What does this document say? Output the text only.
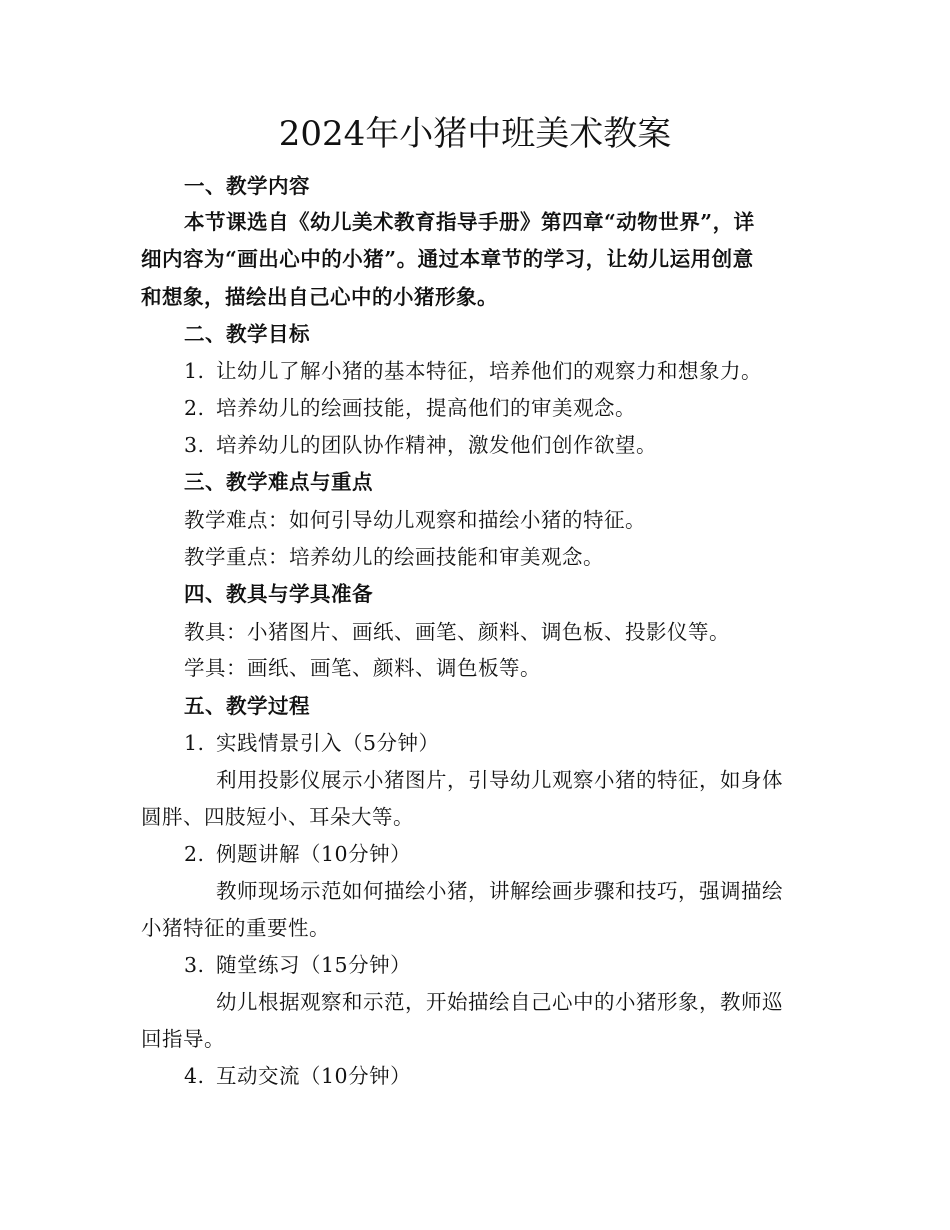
2024年小猪中班美术教案
一、教学内容
本节课选自《幼儿美术教育指导手册》第四章“动物世界”，详
细内容为“画出心中的小猪”。通过本章节的学习，让幼儿运用创意
和想象，描绘出自己心中的小猪形象。
二、教学目标
1. 让幼儿了解小猪的基本特征，培养他们的观察力和想象力。
2. 培养幼儿的绘画技能，提高他们的审美观念。
3. 培养幼儿的团队协作精神，激发他们创作欲望。
三、教学难点与重点
教学难点：如何引导幼儿观察和描绘小猪的特征。
教学重点：培养幼儿的绘画技能和审美观念。
四、教具与学具准备
教具：小猪图片、画纸、画笔、颜料、调色板、投影仪等。
学具：画纸、画笔、颜料、调色板等。
五、教学过程
1. 实践情景引入（5分钟）
利用投影仪展示小猪图片，引导幼儿观察小猪的特征，如身体
圆胖、四肢短小、耳朵大等。
2. 例题讲解（10分钟）
教师现场示范如何描绘小猪，讲解绘画步骤和技巧，强调描绘
小猪特征的重要性。
3. 随堂练习（15分钟）
幼儿根据观察和示范，开始描绘自己心中的小猪形象，教师巡
回指导。
4. 互动交流（10分钟）
